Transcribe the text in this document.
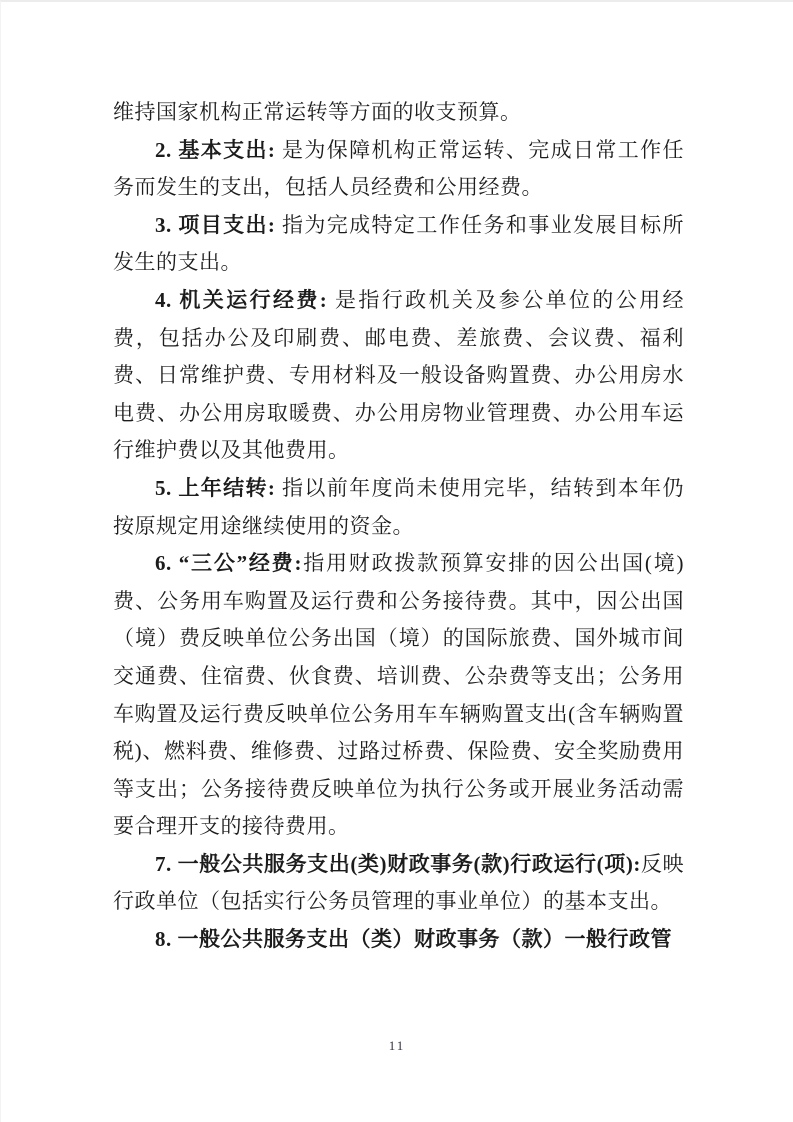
维持国家机构正常运转等方面的收支预算。

2. 基本支出: 是为保障机构正常运转、完成日常工作任务而发生的支出，包括人员经费和公用经费。

3. 项目支出: 指为完成特定工作任务和事业发展目标所发生的支出。

4. 机关运行经费: 是指行政机关及参公单位的公用经费，包括办公及印刷费、邮电费、差旅费、会议费、福利费、日常维护费、专用材料及一般设备购置费、办公用房水电费、办公用房取暖费、办公用房物业管理费、办公用车运行维护费以及其他费用。

5. 上年结转: 指以前年度尚未使用完毕，结转到本年仍按原规定用途继续使用的资金。

6. “三公”经费:指用财政拨款预算安排的因公出国(境)费、公务用车购置及运行费和公务接待费。其中，因公出国（境）费反映单位公务出国（境）的国际旅费、国外城市间交通费、住宿费、伙食费、培训费、公杂费等支出；公务用车购置及运行费反映单位公务用车车辆购置支出(含车辆购置税)、燃料费、维修费、过路过桥费、保险费、安全奖励费用等支出；公务接待费反映单位为执行公务或开展业务活动需要合理开支的接待费用。

7. 一般公共服务支出(类)财政事务(款)行政运行(项):反映行政单位（包括实行公务员管理的事业单位）的基本支出。

8. 一般公共服务支出（类）财政事务（款）一般行政管

11
